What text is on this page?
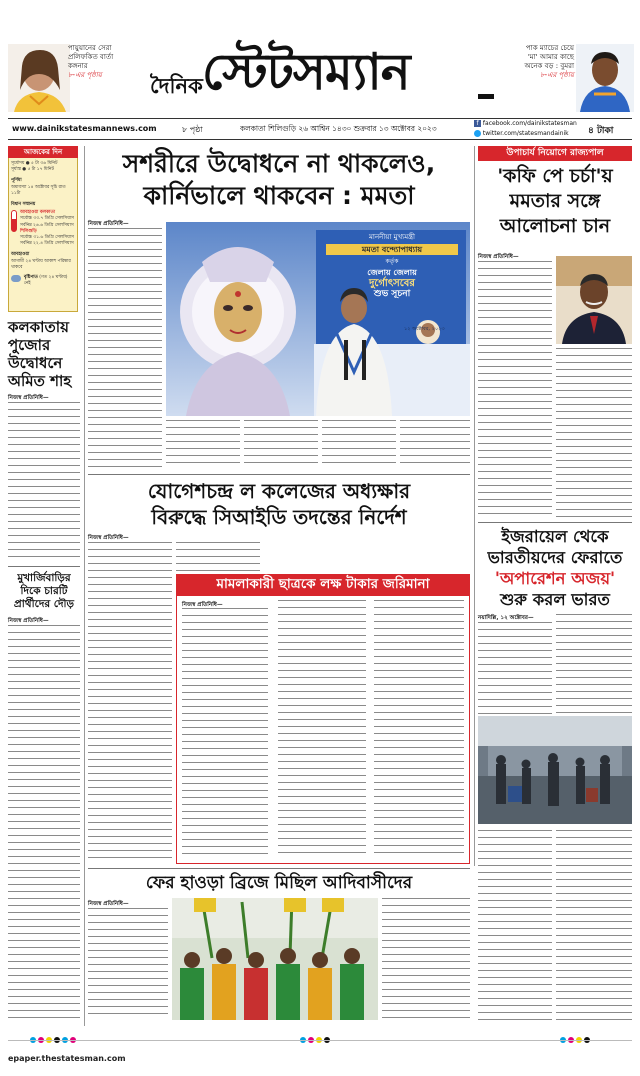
পায়ুয়ানের সেরা
প্রলিফকিত বার্তা
কঙ্গনার
৮-এর পৃষ্ঠায়	দৈনিক স্টেটসম্যান	পাক ম্যাচের চেয়ে
'মা' আমার কাছে
অনেক বড় : বুমরা
৮-এর পৃষ্ঠায়
www.dainikstatesmannews.com	৮ পৃষ্ঠা	কলকাতা শিলিগুড়ি ২৬ আশ্বিন ১৪৩০ শুক্রবার ১৩ অক্টোবর ২০২৩
f facebook.com/dainikstatesman
twitter.com/statesmandainik	৪ টাকা
আজকের দিন
সূর্যোদয় ● ৫ টা ৩৬ মিনিট
সূর্যাস্ত ● ৫ টা ১৭ মিনিট
পূর্ণিমা
অমাবস্যা ১৪ অক্টোবর সূচি রাত ১১টা
বিধান সম্মানয়
আবহাওয়া কলকাতা
সর্বোচ্চ ৩৩.৭ ডিগ্রি সেলসিয়াস
সর্বনিম্ন ২৬.৬ ডিগ্রি সেলসিয়াস
শিলিগুড়ি
সর্বোচ্চ ৩১.৬ ডিগ্রি সেলসিয়াস
সর্বনিম্ন ২২.৪ ডিগ্রি সেলসিয়াস
আবহাওয়া
আগামী ২৪ ঘণ্টায় আকাশ পরিষ্কার থাকবে
বৃষ্টিপাত (গত ২৪ ঘণ্টায়) নেই
কলকাতায় পুজোর উদ্বোধনে অমিত শাহ
নিজস্ব প্রতিনিধি—
মুখার্জিবাড়ির দিকে চারটি প্রার্থীদের দৌড়
নিজস্ব প্রতিনিধি—
সশরীরে উদ্বোধনে না থাকলেও,
কার্নিভালে থাকবেন : মমতা
নিজস্ব প্রতিনিধি—
মাননীয়া মুখ্যমন্ত্রী
মমতা বন্দ্যোপাধ্যায়
কর্তৃক
জেলায় জেলায়
দুর্গোৎসবের
শুভ সূচনা
১২ অক্টোবর, ২০২৩
যোগেশচন্দ্র ল কলেজের অধ্যক্ষার
বিরুদ্ধে সিআইডি তদন্তের নির্দেশ
নিজস্ব প্রতিনিধি—
মামলাকারী ছাত্রকে লক্ষ টাকার জরিমানা
নিজস্ব প্রতিনিধি—
উপাচার্য নিয়োগে রাজ্যপাল
'কফি পে চর্চা'য়
মমতার সঙ্গে
আলোচনা চান
নিজস্ব প্রতিনিধি—
ইজরায়েল থেকে
ভারতীয়দের ফেরাতে
'অপারেশন অজয়'
শুরু করল ভারত
নয়াদিল্লি, ১২ অক্টোবর—
ফের হাওড়া ব্রিজে মিছিল আদিবাসীদের
নিজস্ব প্রতিনিধি—
epaper.thestatesman.com
